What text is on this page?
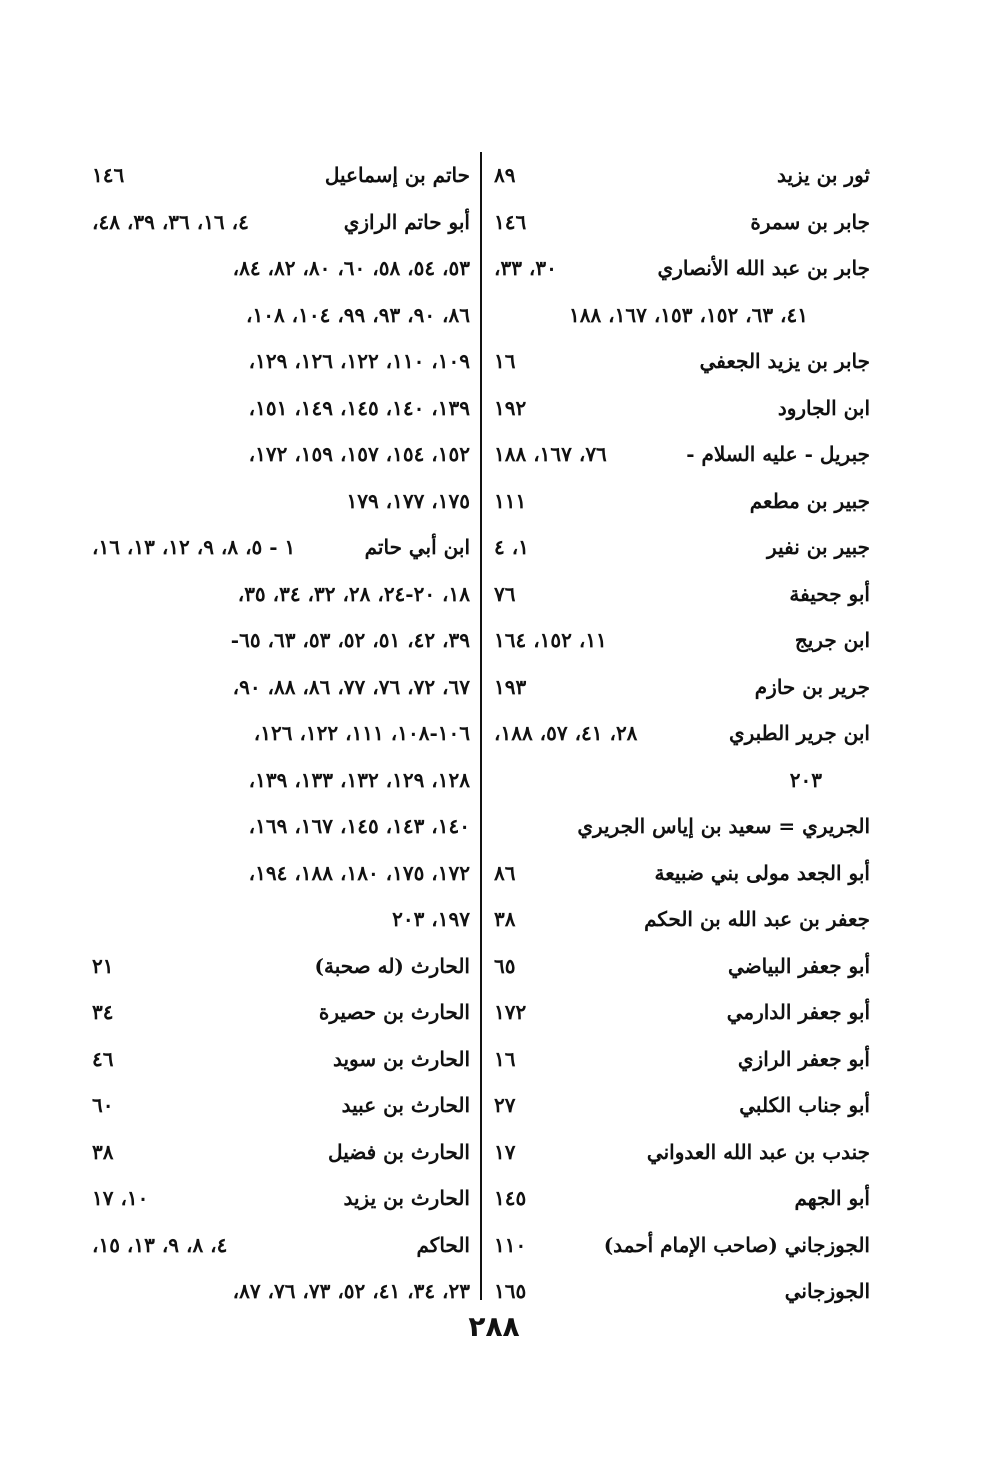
ثور بن يزيد
٨٩
جابر بن سمرة
١٤٦
جابر بن عبد الله الأنصاري
٣٠، ٣٣،
٤١، ٦٣، ١٥٢، ١٥٣، ١٦٧، ١٨٨
جابر بن يزيد الجعفي
١٦
ابن الجارود
١٩٢
جبريل - عليه السلام -
٧٦، ١٦٧، ١٨٨
جبير بن مطعم
١١١
جبير بن نفير
١، ٤
أبو جحيفة
٧٦
ابن جريج
١١، ١٥٢، ١٦٤
جرير بن حازم
١٩٣
ابن جرير الطبري
٢٨، ٤١، ٥٧، ١٨٨،
٢٠٣
الجريري = سعيد بن إياس الجريري
أبو الجعد مولى بني ضبيعة
٨٦
جعفر بن عبد الله بن الحكم
٣٨
أبو جعفر البياضي
٦٥
أبو جعفر الدارمي
١٧٢
أبو جعفر الرازي
١٦
أبو جناب الكلبي
٢٧
جندب بن عبد الله العدواني
١٧
أبو الجهم
١٤٥
الجوزجاني (صاحب الإمام أحمد)
١١٠
الجوزجاني
١٦٥
حاتم بن إسماعيل
١٤٦
أبو حاتم الرازي
٤، ١٦، ٣٦، ٣٩، ٤٨،
٥٣، ٥٤، ٥٨، ٦٠، ٨٠، ٨٢، ٨٤،
٨٦، ٩٠، ٩٣، ٩٩، ١٠٤، ١٠٨،
١٠٩، ١١٠، ١٢٢، ١٢٦، ١٢٩،
١٣٩، ١٤٠، ١٤٥، ١٤٩، ١٥١،
١٥٢، ١٥٤، ١٥٧، ١٥٩، ١٧٢،
١٧٥، ١٧٧، ١٧٩
ابن أبي حاتم
١ - ٥، ٨، ٩، ١٢، ١٣، ١٦،
١٨، ٢٠-٢٤، ٢٨، ٣٢، ٣٤، ٣٥،
٣٩، ٤٢، ٥١، ٥٢، ٥٣، ٦٣، ٦٥-
٦٧، ٧٢، ٧٦، ٧٧، ٨٦، ٨٨، ٩٠،
١٠٦-١٠٨، ١١١، ١٢٢، ١٢٦،
١٢٨، ١٢٩، ١٣٢، ١٣٣، ١٣٩،
١٤٠، ١٤٣، ١٤٥، ١٦٧، ١٦٩،
١٧٢، ١٧٥، ١٨٠، ١٨٨، ١٩٤،
١٩٧، ٢٠٣
الحارث (له صحبة)
٢١
الحارث بن حصيرة
٣٤
الحارث بن سويد
٤٦
الحارث بن عبيد
٦٠
الحارث بن فضيل
٣٨
الحارث بن يزيد
١٠، ١٧
الحاكم
٤، ٨، ٩، ١٣، ١٥،
٢٣، ٣٤، ٤١، ٥٢، ٧٣، ٧٦، ٨٧،
٢٨٨
